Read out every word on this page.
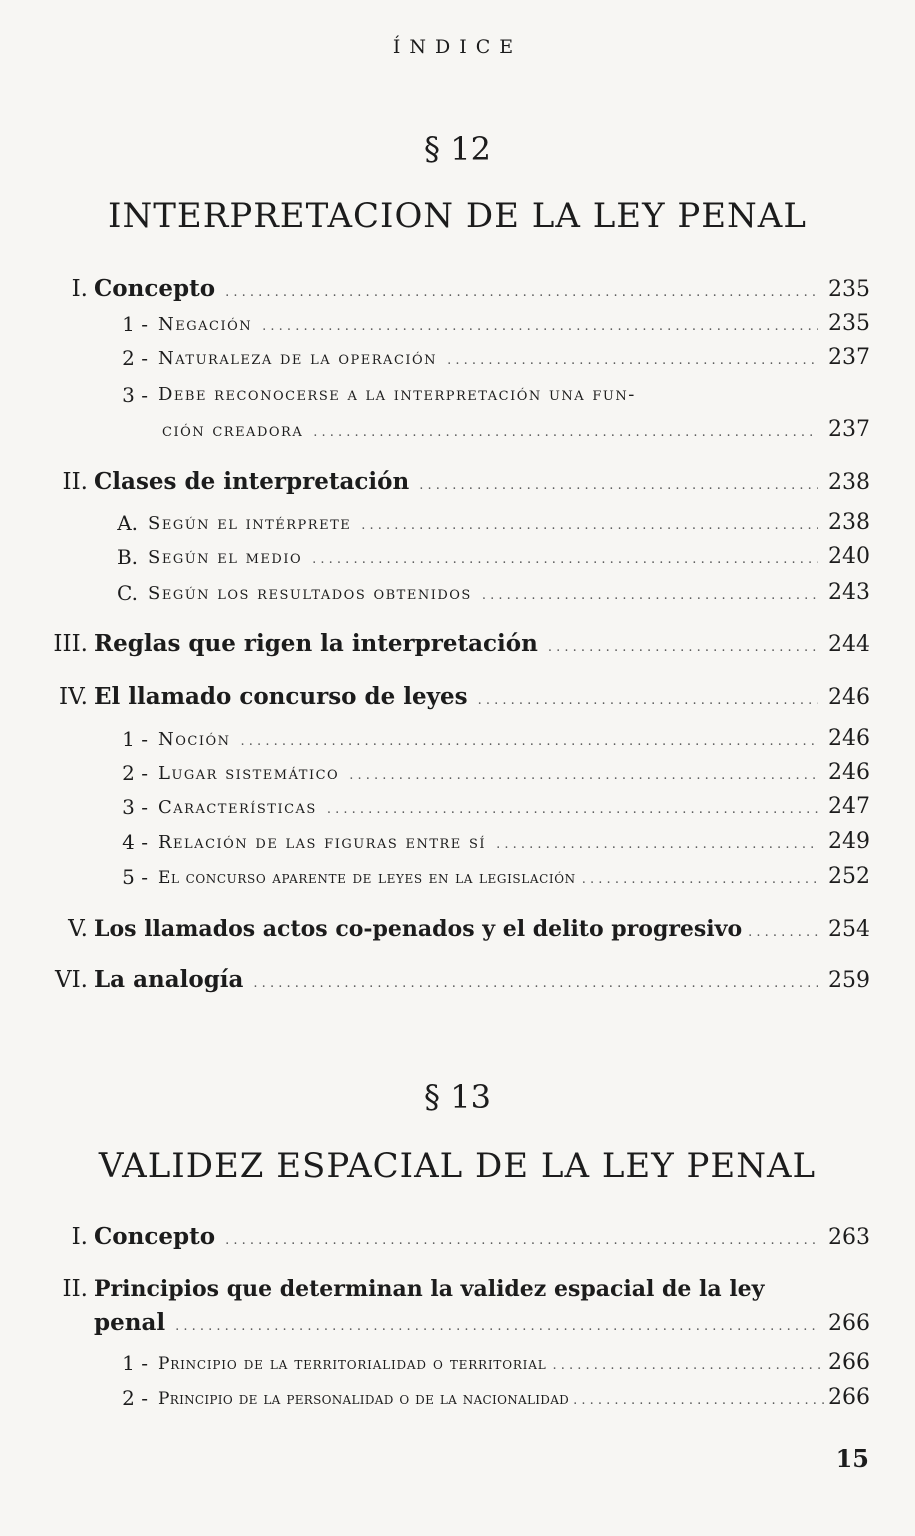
ÍNDICE
§ 12
INTERPRETACION DE LA LEY PENAL
I. Concepto . . .	235
1 - Negación . . .	235
2 - Naturaleza de la operación . . .	237
3 - Debe reconocerse a la interpretación una fun-
ción creadora . . .	237
II. Clases de interpretación . . .	238
A. Según el intérprete . . .	238
B. Según el medio . . .	240
C. Según los resultados obtenidos . . .	243
III. Reglas que rigen la interpretación . . .	244
IV. El llamado concurso de leyes . . .	246
1 - Noción . . .	246
2 - Lugar sistemático . . .	246
3 - Características . . .	247
4 - Relación de las figuras entre sí . . .	249
5 - El concurso aparente de leyes en la legislación . . .	252
V. Los llamados actos co-penados y el delito progresivo . . .	254
VI. La analogía . . .	259
§ 13
VALIDEZ ESPACIAL DE LA LEY PENAL
I. Concepto . . .	263
II. Principios que determinan la validez espacial de la ley
penal . . .	266
1 - Principio de la territorialidad o territorial . . .	266
2 - Principio de la personalidad o de la nacionalidad . . .	266
15
